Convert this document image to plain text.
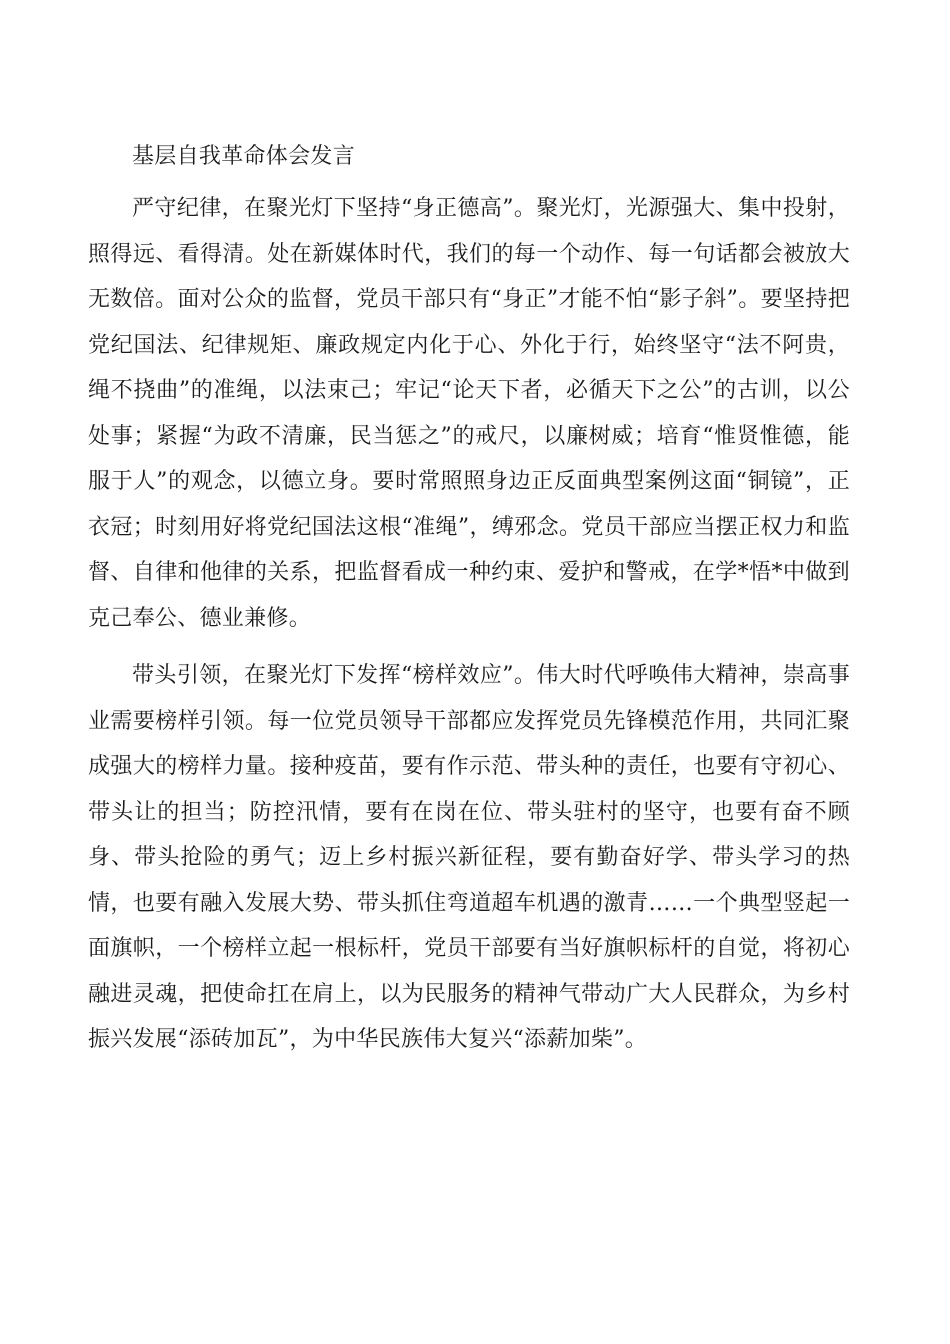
基层自我革命体会发言

严守纪律，在聚光灯下坚持“身正德高”。聚光灯，光源强大、集中投射，照得远、看得清。处在新媒体时代，我们的每一个动作、每一句话都会被放大无数倍。面对公众的监督，党员干部只有“身正”才能不怕“影子斜”。要坚持把党纪国法、纪律规矩、廉政规定内化于心、外化于行，始终坚守“法不阿贵，绳不挠曲”的准绳，以法束己；牢记“论天下者，必循天下之公”的古训，以公处事；紧握“为政不清廉，民当惩之”的戒尺，以廉树威；培育“惟贤惟德，能服于人”的观念，以德立身。要时常照照身边正反面典型案例这面“铜镜”，正衣冠；时刻用好将党纪国法这根“准绳”，缚邪念。党员干部应当摆正权力和监督、自律和他律的关系，把监督看成一种约束、爱护和警戒，在学*悟*中做到克己奉公、德业兼修。

带头引领，在聚光灯下发挥“榜样效应”。伟大时代呼唤伟大精神，崇高事业需要榜样引领。每一位党员领导干部都应发挥党员先锋模范作用，共同汇聚成强大的榜样力量。接种疫苗，要有作示范、带头种的责任，也要有守初心、带头让的担当；防控汛情，要有在岗在位、带头驻村的坚守，也要有奋不顾身、带头抢险的勇气；迈上乡村振兴新征程，要有勤奋好学、带头学习的热情，也要有融入发展大势、带头抓住弯道超车机遇的激青……一个典型竖起一面旗帜，一个榜样立起一根标杆，党员干部要有当好旗帜标杆的自觉，将初心融进灵魂，把使命扛在肩上，以为民服务的精神气带动广大人民群众，为乡村振兴发展“添砖加瓦”，为中华民族伟大复兴“添薪加柴”。
